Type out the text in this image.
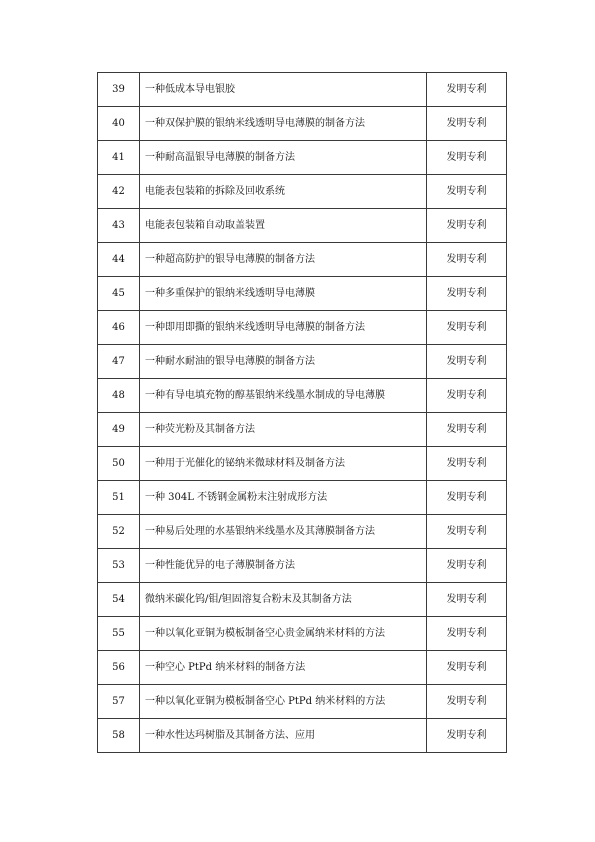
39	一种低成本导电银胶	发明专利
40	一种双保护膜的银纳米线透明导电薄膜的制备方法	发明专利
41	一种耐高温银导电薄膜的制备方法	发明专利
42	电能表包装箱的拆除及回收系统	发明专利
43	电能表包装箱自动取盖装置	发明专利
44	一种超高防护的银导电薄膜的制备方法	发明专利
45	一种多重保护的银纳米线透明导电薄膜	发明专利
46	一种即用即撕的银纳米线透明导电薄膜的制备方法	发明专利
47	一种耐水耐油的银导电薄膜的制备方法	发明专利
48	一种有导电填充物的醇基银纳米线墨水制成的导电薄膜	发明专利
49	一种荧光粉及其制备方法	发明专利
50	一种用于光催化的铋纳米微球材料及制备方法	发明专利
51	一种 304L 不锈钢金属粉末注射成形方法	发明专利
52	一种易后处理的水基银纳米线墨水及其薄膜制备方法	发明专利
53	一种性能优异的电子薄膜制备方法	发明专利
54	微纳米碳化钨/钼/钽固溶复合粉末及其制备方法	发明专利
55	一种以氧化亚铜为模板制备空心贵金属纳米材料的方法	发明专利
56	一种空心 PtPd 纳米材料的制备方法	发明专利
57	一种以氧化亚铜为模板制备空心 PtPd 纳米材料的方法	发明专利
58	一种水性达玛树脂及其制备方法、应用	发明专利
